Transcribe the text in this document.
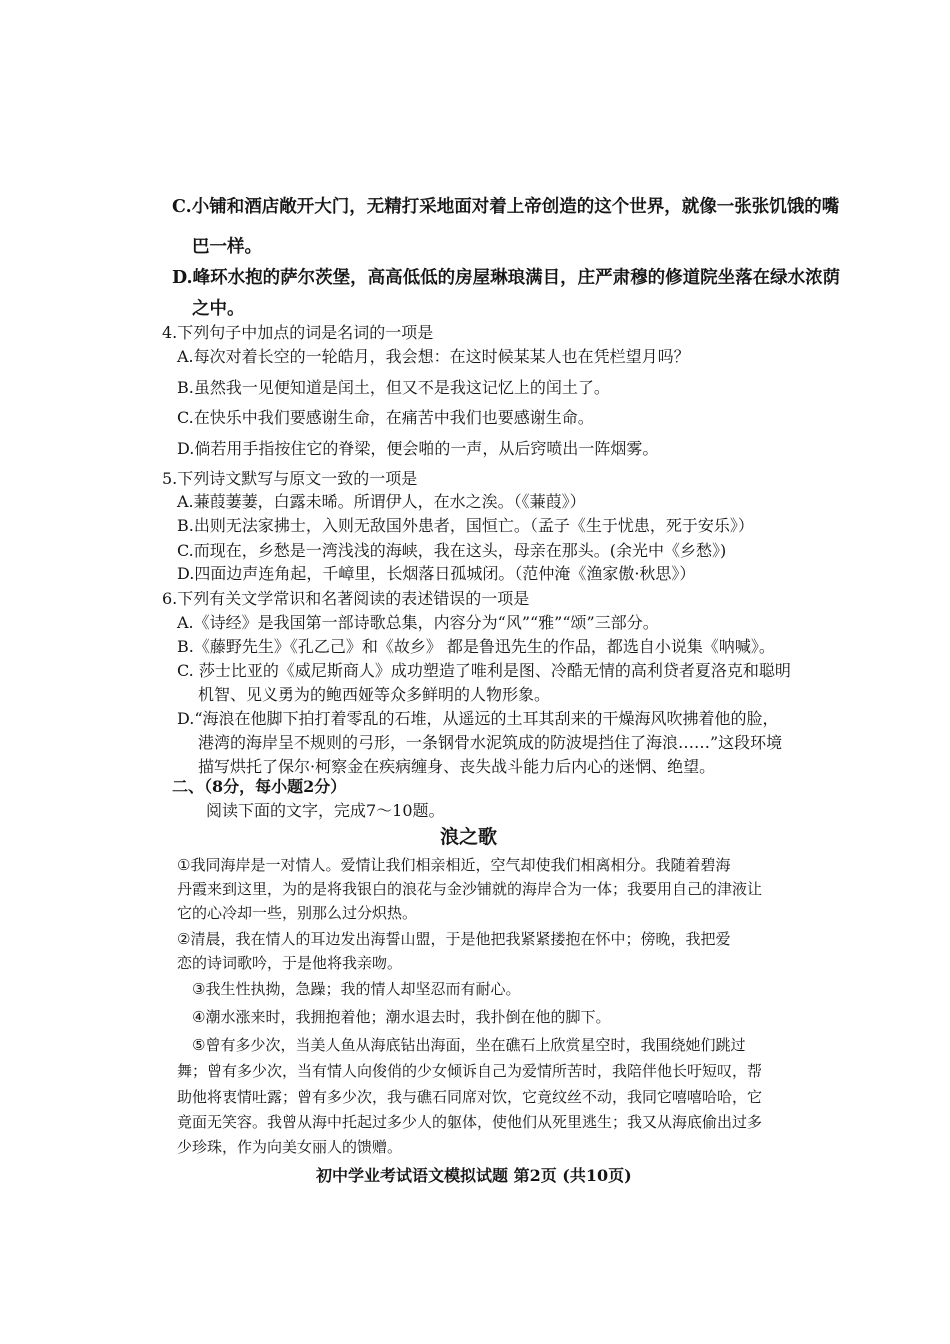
C.小铺和酒店敞开大门，无精打采地面对着上帝创造的这个世界，就像一张张饥饿的嘴
巴一样。
D.峰环水抱的萨尔茨堡，高高低低的房屋琳琅满目，庄严肃穆的修道院坐落在绿水浓荫
之中。
4.下列句子中加点的词是名词的一项是
A.每次对着长空的一轮皓月，我会想：在这时候某某人也在凭栏望月吗？
B.虽然我一见便知道是闰土，但又不是我这记忆上的闰土了。
C.在快乐中我们要感谢生命，在痛苦中我们也要感谢生命。
D.倘若用手指按住它的脊梁，便会啪的一声，从后窍喷出一阵烟雾。
5.下列诗文默写与原文一致的一项是
A.蒹葭萋萋，白露未晞。所谓伊人，在水之涘。（《蒹葭》）
B.出则无法家拂士，入则无敌国外患者，国恒亡。（孟子《生于忧患，死于安乐》）
C.而现在，乡愁是一湾浅浅的海峡，我在这头，母亲在那头。(余光中《乡愁》)
D.四面边声连角起，千嶂里，长烟落日孤城闭。（范仲淹《渔家傲·秋思》）
6.下列有关文学常识和名著阅读的表述错误的一项是
A.《诗经》是我国第一部诗歌总集，内容分为“风”“雅”“颂”三部分。
B.《藤野先生》《孔乙己》和《故乡》 都是鲁迅先生的作品，都选自小说集《呐喊》。
C. 莎士比亚的《威尼斯商人》成功塑造了唯利是图、冷酷无情的高利贷者夏洛克和聪明
机智、见义勇为的鲍西娅等众多鲜明的人物形象。
D.“海浪在他脚下拍打着零乱的石堆，从遥远的土耳其刮来的干燥海风吹拂着他的脸，
港湾的海岸呈不规则的弓形，一条钢骨水泥筑成的防波堤挡住了海浪……”这段环境
描写烘托了保尔·柯察金在疾病缠身、丧失战斗能力后内心的迷惘、绝望。
二、（8分，每小题2分）
阅读下面的文字，完成7～10题。
浪之歌
①我同海岸是一对情人。爱情让我们相亲相近，空气却使我们相离相分。我随着碧海
丹霞来到这里，为的是将我银白的浪花与金沙铺就的海岸合为一体；我要用自己的津液让
它的心冷却一些，别那么过分炽热。
②清晨，我在情人的耳边发出海誓山盟，于是他把我紧紧搂抱在怀中；傍晚，我把爱
恋的诗词歌吟，于是他将我亲吻。
③我生性执拗，急躁；我的情人却坚忍而有耐心。
④潮水涨来时，我拥抱着他；潮水退去时，我扑倒在他的脚下。
⑤曾有多少次，当美人鱼从海底钻出海面，坐在礁石上欣赏星空时，我围绕她们跳过
舞；曾有多少次，当有情人向俊俏的少女倾诉自己为爱情所苦时，我陪伴他长吁短叹，帮
助他将衷情吐露；曾有多少次，我与礁石同席对饮，它竟纹丝不动，我同它嘻嘻哈哈，它
竟面无笑容。我曾从海中托起过多少人的躯体，使他们从死里逃生；我又从海底偷出过多
少珍珠，作为向美女丽人的馈赠。
初中学业考试语文模拟试题 第2页 (共10页)
